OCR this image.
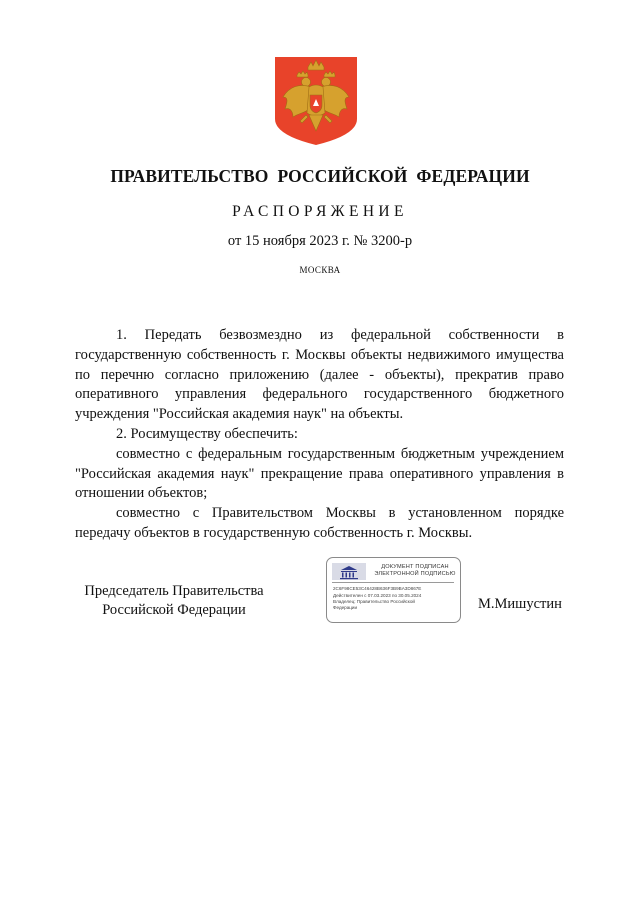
ПРАВИТЕЛЬСТВО  РОССИЙСКОЙ  ФЕДЕРАЦИИ
РАСПОРЯЖЕНИЕ
от 15 ноября 2023 г. № 3200-р
МОСКВА

1. Передать безвозмездно из федеральной собственности в государственную собственность г. Москвы объекты недвижимого имущества по перечню согласно приложению (далее - объекты), прекратив право оперативного управления федерального государственного бюджетного учреждения "Российская академия наук" на объекты.

2. Росимуществу обеспечить:

совместно с федеральным государственным бюджетным учреждением "Российская академия наук" прекращение права оперативного управления в отношении объектов;

совместно с Правительством Москвы в установленном порядке передачу объектов в государственную собственность г. Москвы.

Председатель Правительства
Российской Федерации
ДОКУМЕНТ ПОДПИСАН
ЭЛЕКТРОННОЙ ПОДПИСЬЮ
2C6F98CE53C46428B636F3B9BA3D867E
Действителен с 07.03.2023 по 30.05.2024
Владелец: Правительство Российской
Федерации	М.Мишустин
